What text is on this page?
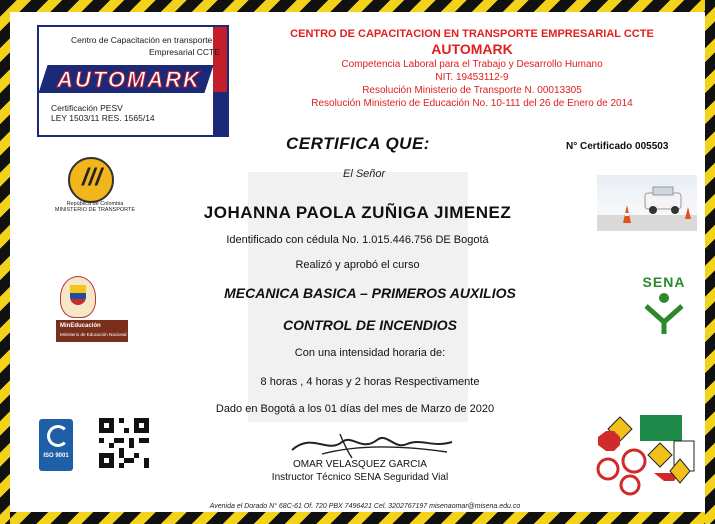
Centro de Capacitación en transporte
Empresarial CCTE
AUTOMARK
Certificación PESV
LEY 1503/11 RES. 1565/14
CENTRO DE CAPACITACION EN TRANSPORTE EMPRESARIAL CCTE
AUTOMARK
Competencia Laboral para el Trabajo y Desarrollo Humano
NIT. 19453112-9
Resolución Ministerio de Transporte N. 00013305
Resolución Ministerio de Educación No. 10-111 del 26 de Enero de 2014
CERTIFICA QUE:	N° Certificado 005503
El Señor
JOHANNA PAOLA ZUÑIGA JIMENEZ
Identificado con cédula No. 1.015.446.756 DE Bogotá
Realizó y aprobó el curso
MECANICA BASICA – PRIMEROS AUXILIOS
CONTROL DE INCENDIOS
Con una intensidad horaria de:
8 horas , 4 horas y 2 horas Respectivamente
Dado en Bogotá a los 01 días del mes de Marzo de 2020
OMAR VELASQUEZ GARCIA
Instructor Técnico SENA Seguridad Vial
Avenida el Dorado N° 68C-61 Of. 720 PBX 7496421 Cel. 3202767197 misenaomar@misena.edu.co
///
República de Colombia MINISTERIO DE TRANSPORTE
MinEducación
Ministerio de Educación Nacional
ISO 9001
SENA
